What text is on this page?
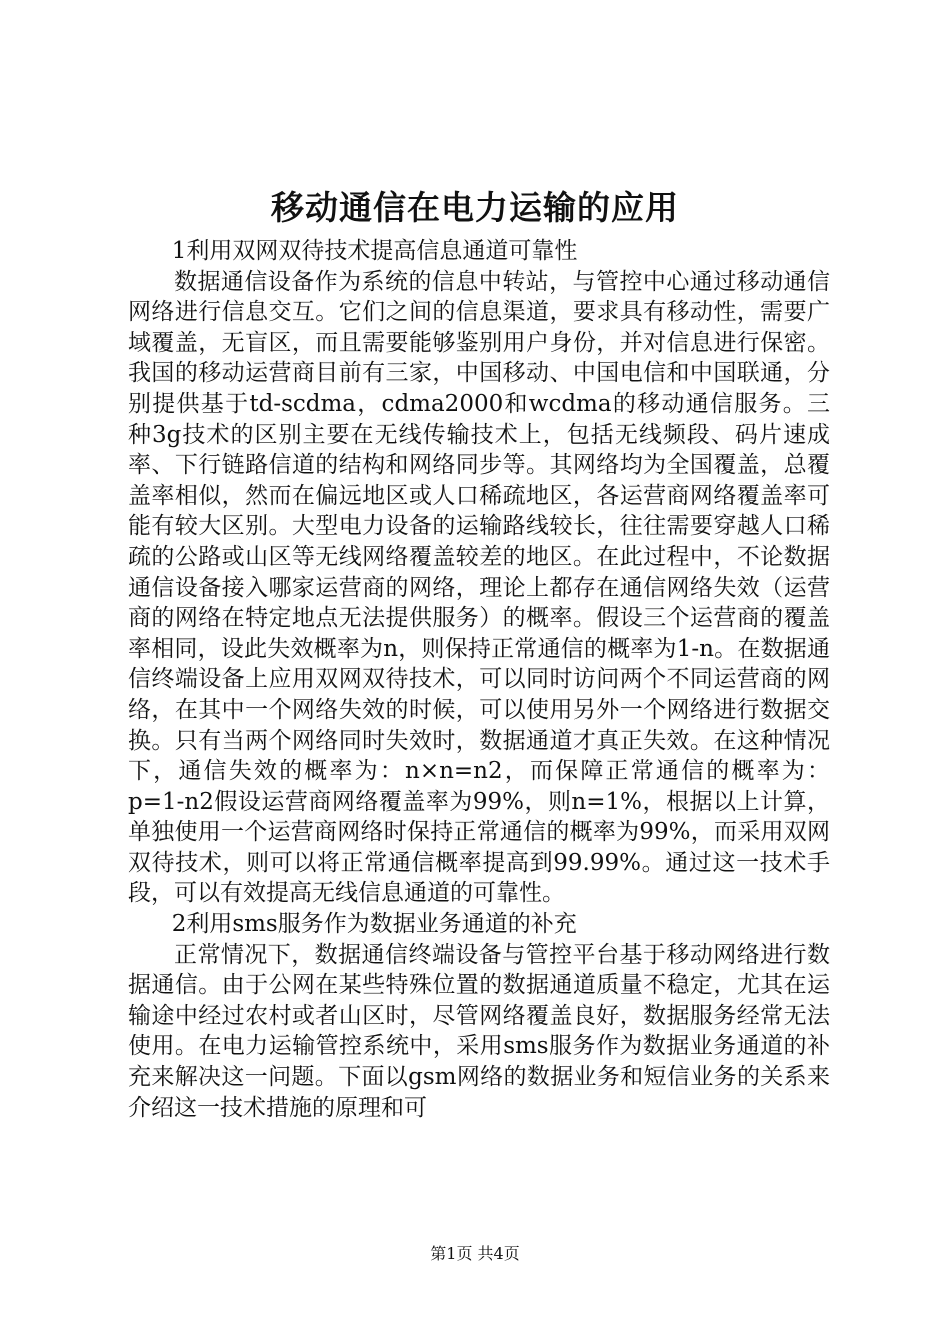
移动通信在电力运输的应用

1利用双网双待技术提高信息通道可靠性

数据通信设备作为系统的信息中转站，与管控中心通过移动通信网络进行信息交互。它们之间的信息渠道，要求具有移动性，需要广域覆盖，无盲区，而且需要能够鉴别用户身份，并对信息进行保密。我国的移动运营商目前有三家，中国移动、中国电信和中国联通，分别提供基于td-scdma，cdma2000和wcdma的移动通信服务。三种3g技术的区别主要在无线传输技术上，包括无线频段、码片速成率、下行链路信道的结构和网络同步等。其网络均为全国覆盖，总覆盖率相似，然而在偏远地区或人口稀疏地区，各运营商网络覆盖率可能有较大区别。大型电力设备的运输路线较长，往往需要穿越人口稀疏的公路或山区等无线网络覆盖较差的地区。在此过程中，不论数据通信设备接入哪家运营商的网络，理论上都存在通信网络失效（运营商的网络在特定地点无法提供服务）的概率。假设三个运营商的覆盖率相同，设此失效概率为n，则保持正常通信的概率为1-n。在数据通信终端设备上应用双网双待技术，可以同时访问两个不同运营商的网络，在其中一个网络失效的时候，可以使用另外一个网络进行数据交换。只有当两个网络同时失效时，数据通道才真正失效。在这种情况下，通信失效的概率为：n×n=n2，而保障正常通信的概率为：p=1-n2假设运营商网络覆盖率为99%，则n=1%，根据以上计算，单独使用一个运营商网络时保持正常通信的概率为99%，而采用双网双待技术，则可以将正常通信概率提高到99.99%。通过这一技术手段，可以有效提高无线信息通道的可靠性。

2利用sms服务作为数据业务通道的补充

正常情况下，数据通信终端设备与管控平台基于移动网络进行数据通信。由于公网在某些特殊位置的数据通道质量不稳定，尤其在运输途中经过农村或者山区时，尽管网络覆盖良好，数据服务经常无法使用。在电力运输管控系统中，采用sms服务作为数据业务通道的补充来解决这一问题。下面以gsm网络的数据业务和短信业务的关系来介绍这一技术措施的原理和可

第1页 共4页
